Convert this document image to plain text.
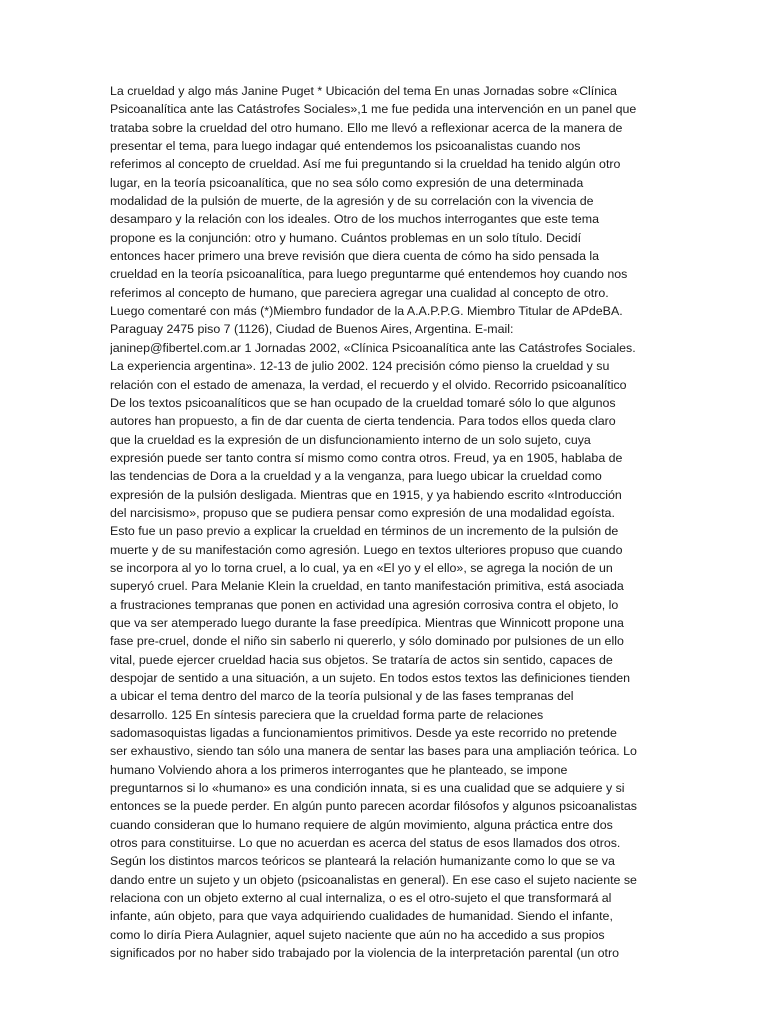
La crueldad y algo más Janine Puget * Ubicación del tema En unas Jornadas sobre «Clínica
Psicoanalítica ante las Catástrofes Sociales»,1 me fue pedida una intervención en un panel que
trataba sobre la crueldad del otro humano. Ello me llevó a reflexionar acerca de la manera de
presentar el tema, para luego indagar qué entendemos los psicoanalistas cuando nos
referimos al concepto de crueldad. Así me fui preguntando si la crueldad ha tenido algún otro
lugar, en la teoría psicoanalítica, que no sea sólo como expresión de una determinada
modalidad de la pulsión de muerte, de la agresión y de su correlación con la vivencia de
desamparo y la relación con los ideales. Otro de los muchos interrogantes que este tema
propone es la conjunción: otro y humano. Cuántos problemas en un solo título. Decidí
entonces hacer primero una breve revisión que diera cuenta de cómo ha sido pensada la
crueldad en la teoría psicoanalítica, para luego preguntarme qué entendemos hoy cuando nos
referimos al concepto de humano, que pareciera agregar una cualidad al concepto de otro.
Luego comentaré con más (*)Miembro fundador de la A.A.P.P.G. Miembro Titular de APdeBA.
Paraguay 2475 piso 7 (1126), Ciudad de Buenos Aires, Argentina. E-mail:
janinep@fibertel.com.ar 1 Jornadas 2002, «Clínica Psicoanalítica ante las Catástrofes Sociales.
La experiencia argentina». 12-13 de julio 2002. 124 precisión cómo pienso la crueldad y su
relación con el estado de amenaza, la verdad, el recuerdo y el olvido. Recorrido psicoanalítico
De los textos psicoanalíticos que se han ocupado de la crueldad tomaré sólo lo que algunos
autores han propuesto, a fin de dar cuenta de cierta tendencia. Para todos ellos queda claro
que la crueldad es la expresión de un disfuncionamiento interno de un solo sujeto, cuya
expresión puede ser tanto contra sí mismo como contra otros. Freud, ya en 1905, hablaba de
las tendencias de Dora a la crueldad y a la venganza, para luego ubicar la crueldad como
expresión de la pulsión desligada. Mientras que en 1915, y ya habiendo escrito «Introducción
del narcisismo», propuso que se pudiera pensar como expresión de una modalidad egoísta.
Esto fue un paso previo a explicar la crueldad en términos de un incremento de la pulsión de
muerte y de su manifestación como agresión. Luego en textos ulteriores propuso que cuando
se incorpora al yo lo torna cruel, a lo cual, ya en «El yo y el ello», se agrega la noción de un
superyó cruel. Para Melanie Klein la crueldad, en tanto manifestación primitiva, está asociada
a frustraciones tempranas que ponen en actividad una agresión corrosiva contra el objeto, lo
que va ser atemperado luego durante la fase preedípica. Mientras que Winnicott propone una
fase pre-cruel, donde el niño sin saberlo ni quererlo, y sólo dominado por pulsiones de un ello
vital, puede ejercer crueldad hacia sus objetos. Se trataría de actos sin sentido, capaces de
despojar de sentido a una situación, a un sujeto. En todos estos textos las definiciones tienden
a ubicar el tema dentro del marco de la teoría pulsional y de las fases tempranas del
desarrollo. 125 En síntesis pareciera que la crueldad forma parte de relaciones
sadomasoquistas ligadas a funcionamientos primitivos. Desde ya este recorrido no pretende
ser exhaustivo, siendo tan sólo una manera de sentar las bases para una ampliación teórica. Lo
humano Volviendo ahora a los primeros interrogantes que he planteado, se impone
preguntarnos si lo «humano» es una condición innata, si es una cualidad que se adquiere y si
entonces se la puede perder. En algún punto parecen acordar filósofos y algunos psicoanalistas
cuando consideran que lo humano requiere de algún movimiento, alguna práctica entre dos
otros para constituirse. Lo que no acuerdan es acerca del status de esos llamados dos otros.
Según los distintos marcos teóricos se planteará la relación humanizante como lo que se va
dando entre un sujeto y un objeto (psicoanalistas en general). En ese caso el sujeto naciente se
relaciona con un objeto externo al cual internaliza, o es el otro-sujeto el que transformará al
infante, aún objeto, para que vaya adquiriendo cualidades de humanidad. Siendo el infante,
como lo diría Piera Aulagnier, aquel sujeto naciente que aún no ha accedido a sus propios
significados por no haber sido trabajado por la violencia de la interpretación parental (un otro
